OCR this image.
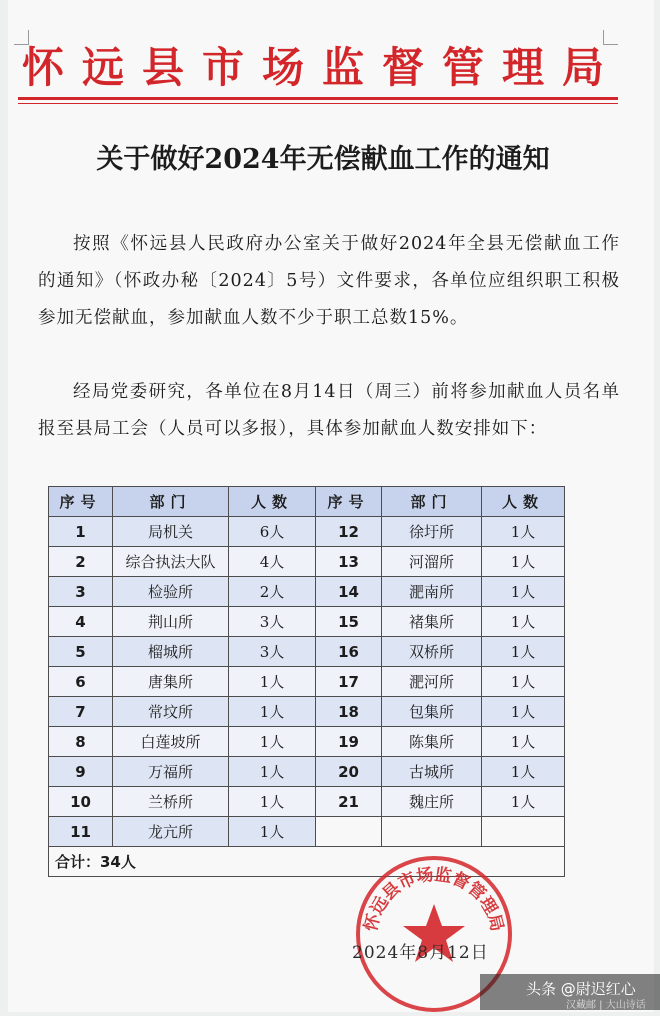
怀远县市场监督管理局
关于做好2024年无偿献血工作的通知
按照《怀远县人民政府办公室关于做好2024年全县无偿献血工作的通知》（怀政办秘〔2024〕5号）文件要求，各单位应组织职工积极参加无偿献血，参加献血人数不少于职工总数15%。
经局党委研究，各单位在8月14日（周三）前将参加献血人员名单报至县局工会（人员可以多报），具体参加献血人数安排如下：
序号	部门	人数	序号	部门	人数
1	局机关	6人	12	徐圩所	1人
2	综合执法大队	4人	13	河溜所	1人
3	检验所	2人	14	淝南所	1人
4	荆山所	3人	15	褚集所	1人
5	榴城所	3人	16	双桥所	1人
6	唐集所	1人	17	淝河所	1人
7	常坟所	1人	18	包集所	1人
8	白莲坡所	1人	19	陈集所	1人
9	万福所	1人	20	古城所	1人
10	兰桥所	1人	21	魏庄所	1人
11	龙亢所	1人			
合计：34人					
怀远县市场监督管理局
2024年8月12日
头条 @尉迟红心
汉藏邮 | 大山诗话
